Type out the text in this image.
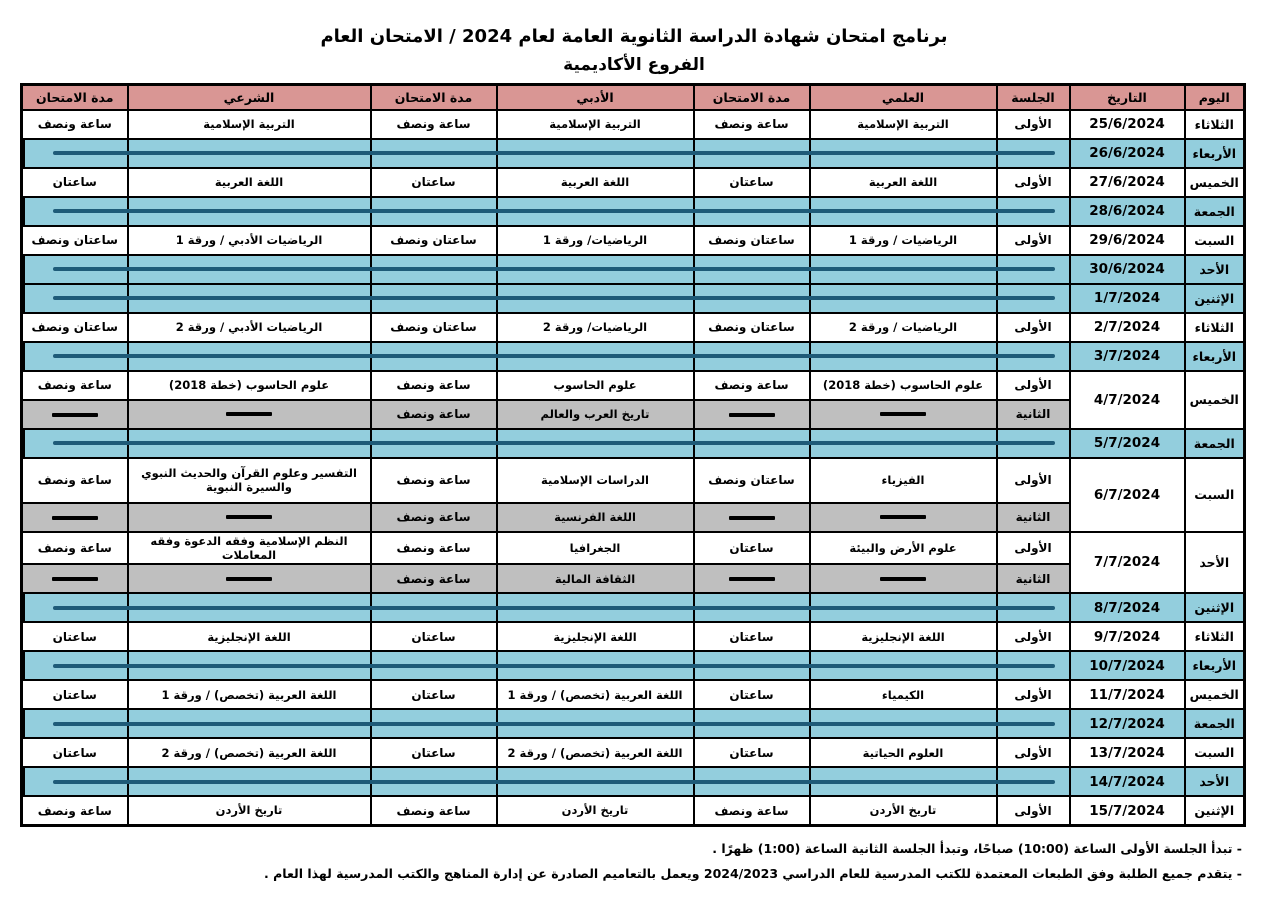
برنامج امتحان شهادة الدراسة الثانوية العامة لعام 2024 / الامتحان العام
الفروع الأكاديمية
اليوم	التاريخ	الجلسة	العلمي	مدة الامتحان	الأدبي	مدة الامتحان	الشرعي	مدة الامتحان
الثلاثاء	25/6/2024	الأولى	التربية الإسلامية	ساعة ونصف	التربية الإسلامية	ساعة ونصف	التربية الإسلامية	ساعة ونصف
الأربعاء	26/6/2024							

الخميس	27/6/2024	الأولى	اللغة العربية	ساعتان	اللغة العربية	ساعتان	اللغة العربية	ساعتان
الجمعة	28/6/2024							

السبت	29/6/2024	الأولى	الرياضيات / ورقة 1	ساعتان ونصف	الرياضيات/ ورقة 1	ساعتان ونصف	الرياضيات الأدبي / ورقة 1	ساعتان ونصف
الأحد	30/6/2024							

الإثنين	1/7/2024							

الثلاثاء	2/7/2024	الأولى	الرياضيات / ورقة 2	ساعتان ونصف	الرياضيات/ ورقة 2	ساعتان ونصف	الرياضيات الأدبي / ورقة 2	ساعتان ونصف
الأربعاء	3/7/2024							

الخميس	4/7/2024	الأولى	علوم الحاسوب (خطة 2018)	ساعة ونصف	علوم الحاسوب	ساعة ونصف	علوم الحاسوب (خطة 2018)	ساعة ونصف
		الثانية			تاريخ العرب والعالم	ساعة ونصف		
الجمعة	5/7/2024							

السبت	6/7/2024	الأولى	الفيزياء	ساعتان ونصف	الدراسات الإسلامية	ساعة ونصف	التفسير وعلوم القرآن والحديث النبوي والسيرة النبوية	ساعة ونصف
		الثانية			اللغة الفرنسية	ساعة ونصف		
الأحد	7/7/2024	الأولى	علوم الأرض والبيئة	ساعتان	الجغرافيا	ساعة ونصف	النظم الإسلامية وفقه الدعوة وفقه المعاملات	ساعة ونصف
		الثانية			الثقافة المالية	ساعة ونصف		
الإثنين	8/7/2024							

الثلاثاء	9/7/2024	الأولى	اللغة الإنجليزية	ساعتان	اللغة الإنجليزية	ساعتان	اللغة الإنجليزية	ساعتان
الأربعاء	10/7/2024							

الخميس	11/7/2024	الأولى	الكيمياء	ساعتان	اللغة العربية (تخصص) / ورقة 1	ساعتان	اللغة العربية (تخصص) / ورقة 1	ساعتان
الجمعة	12/7/2024							

السبت	13/7/2024	الأولى	العلوم الحياتية	ساعتان	اللغة العربية (تخصص) / ورقة 2	ساعتان	اللغة العربية (تخصص) / ورقة 2	ساعتان
الأحد	14/7/2024							

الإثنين	15/7/2024	الأولى	تاريخ الأردن	ساعة ونصف	تاريخ الأردن	ساعة ونصف	تاريخ الأردن	ساعة ونصف
- تبدأ الجلسة الأولى الساعة (10:00) صباحًا، وتبدأ الجلسة الثانية الساعة (1:00) ظهرًا .
- يتقدم جميع الطلبة وفق الطبعات المعتمدة للكتب المدرسية للعام الدراسي 2024/2023 ويعمل بالتعاميم الصادرة عن إدارة المناهج والكتب المدرسية لهذا العام .
